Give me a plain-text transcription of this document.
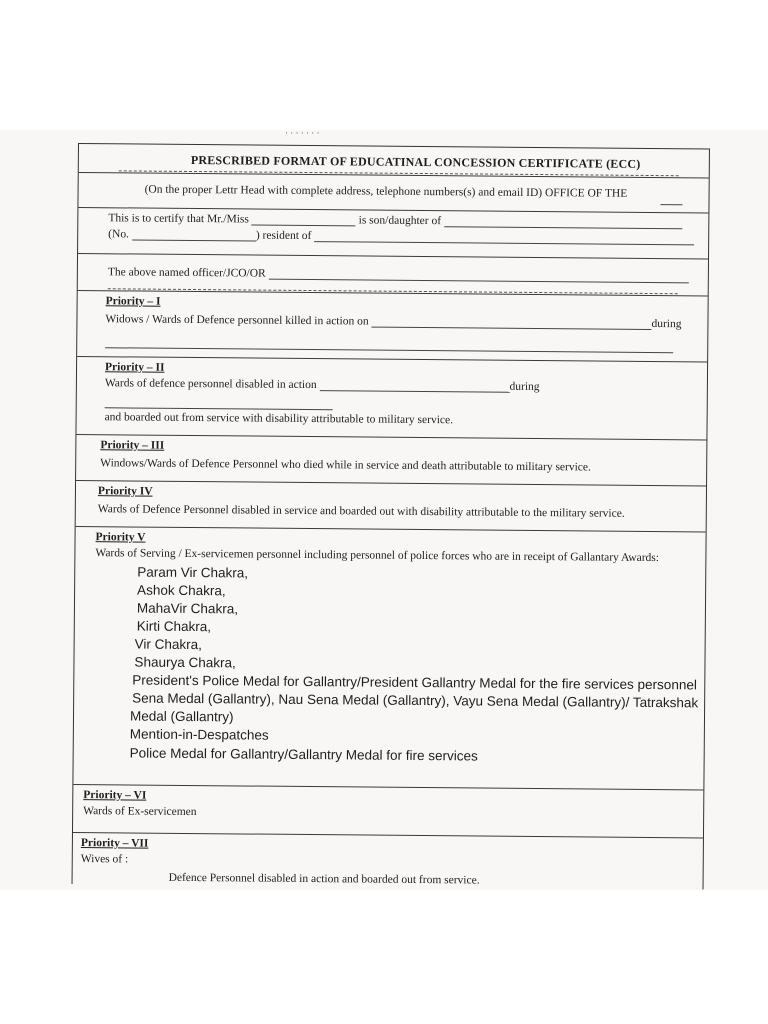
· · · · · · ·
PRESCRIBED FORMAT OF EDUCATINAL CONCESSION CERTIFICATE (ECC)
(On the proper Lettr Head with complete address, telephone numbers(s) and email ID) OFFICE OF THE
This is to certify that Mr./Miss	is son/daughter of
(No.	) resident of
The above named officer/JCO/OR
Priority – I
Widows / Wards of Defence personnel killed in action on	during
Priority – II
Wards of defence personnel disabled in action	during
and boarded out from service with disability attributable to military service.
Priority – III
Windows/Wards of Defence Personnel who died while in service and death attributable to military service.
Priority IV
Wards of Defence Personnel disabled in service and boarded out with disability attributable to the military service.
Priority V
Wards of Serving / Ex-servicemen personnel including personnel of police forces who are in receipt of Gallantary Awards:
Param Vir Chakra,
Ashok Chakra,
MahaVir Chakra,
Kirti Chakra,
Vir Chakra,
Shaurya Chakra,
President's Police Medal for Gallantry/President Gallantry Medal for the fire services personnel
Sena Medal (Gallantry), Nau Sena Medal (Gallantry), Vayu Sena Medal (Gallantry)/ Tatrakshak
Medal (Gallantry)
Mention-in-Despatches
Police Medal for Gallantry/Gallantry Medal for fire services
Priority – VI
Wards of Ex-servicemen
Priority – VII
Wives of :
Defence Personnel disabled in action and boarded out from service.
